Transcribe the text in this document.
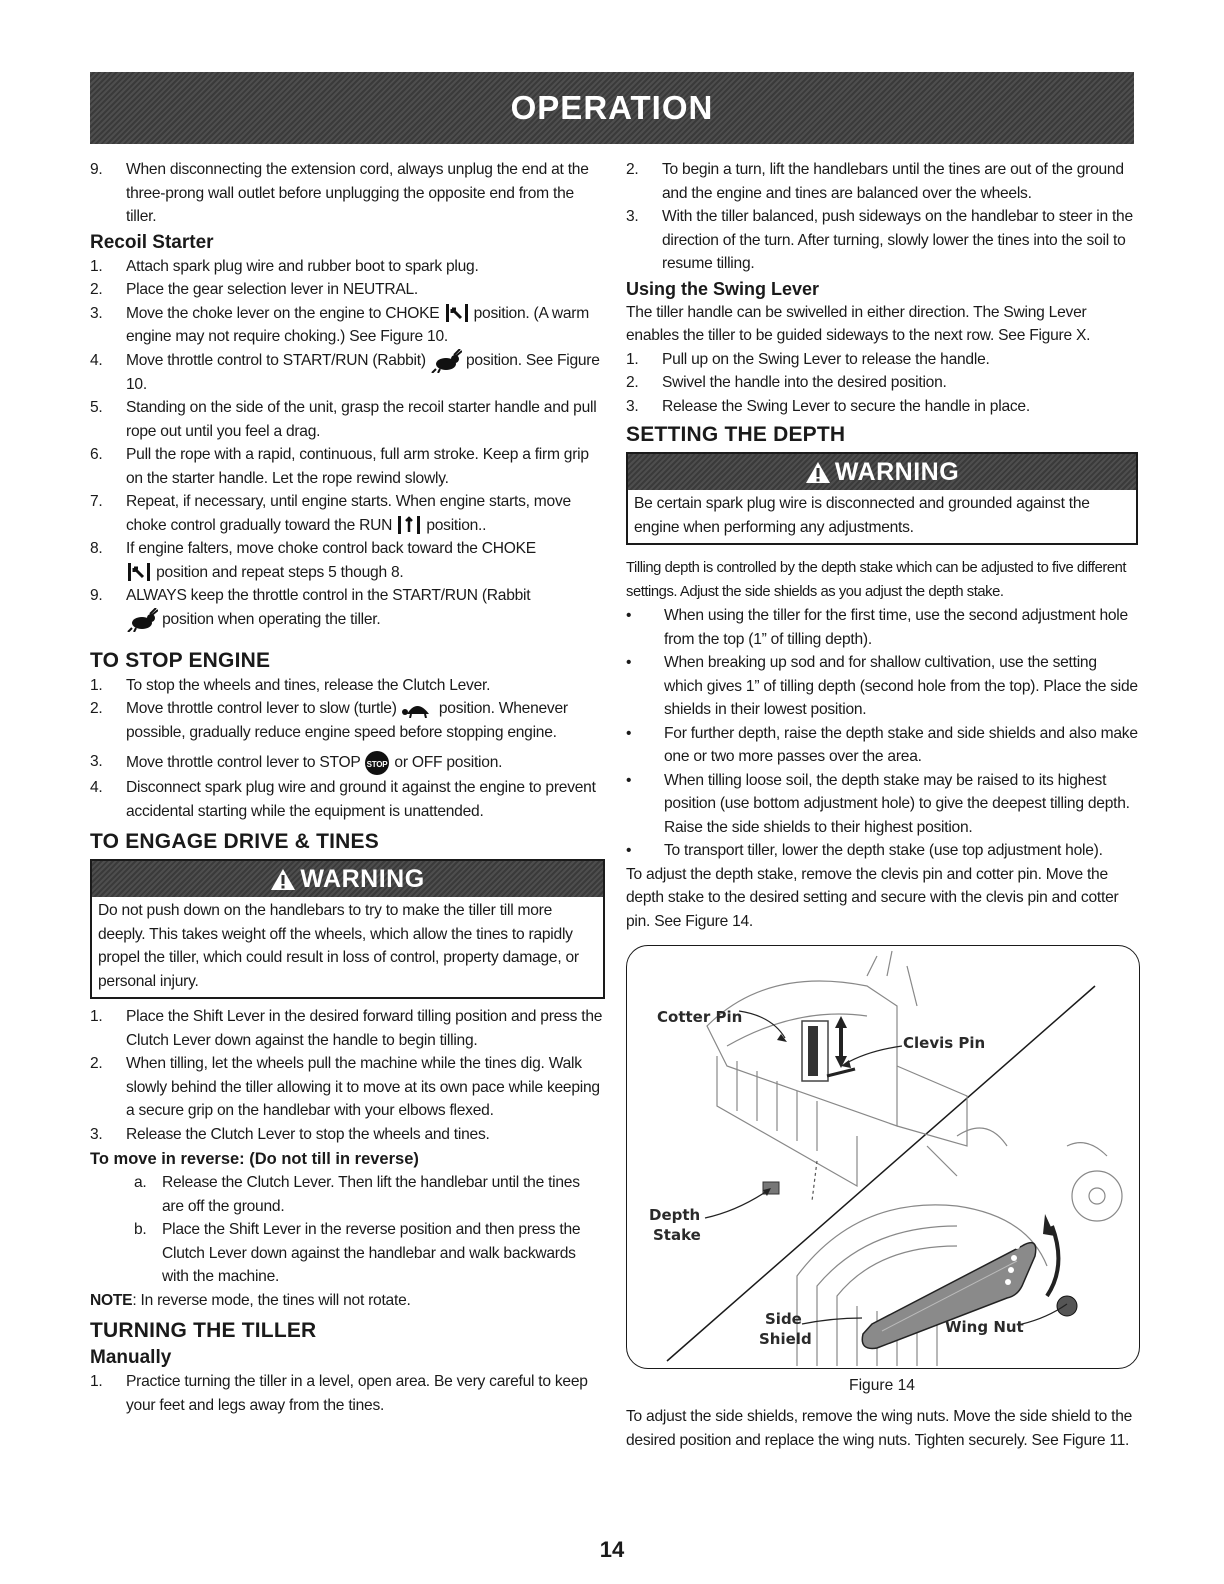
OPERATION
9. When disconnecting the extension cord, always unplug the end at the three-prong wall outlet before unplugging the opposite end from the tiller.
Recoil Starter
1. Attach spark plug wire and rubber boot to spark plug.
2. Place the gear selection lever in NEUTRAL.
3. Move the choke lever on the engine to CHOKE position. (A warm engine may not require choking.) See Figure 10.
4. Move throttle control to START/RUN (Rabbit)	position. See Figure 10.
5. Standing on the side of the unit, grasp the recoil starter handle and pull rope out until you feel a drag.
6. Pull the rope with a rapid, continuous, full arm stroke. Keep a firm grip on the starter handle. Let the rope rewind slowly.
7. Repeat, if necessary, until engine starts. When engine starts, move choke control gradually toward the RUN position..
8. If engine falters, move choke control back toward the CHOKE
position and repeat steps 5 though 8.
9. ALWAYS keep the throttle control in the START/RUN (Rabbit
position when operating the tiller.
TO STOP ENGINE
1. To stop the wheels and tines, release the Clutch Lever.
2. Move throttle control lever to slow (turtle)	position. Whenever possible, gradually reduce engine speed before stopping engine.
3. Move throttle control lever to STOP STOP or OFF position.
4. Disconnect spark plug wire and ground it against the engine to prevent accidental starting while the equipment is unattended.
TO ENGAGE DRIVE & TINES
WARNING
Do not push down on the handlebars to try to make the tiller till more deeply. This takes weight off the wheels, which allow the tines to rapidly propel the tiller, which could result in loss of control, property damage, or personal injury.
1. Place the Shift Lever in the desired forward tilling position and press the Clutch Lever down against the handle to begin tilling.
2. When tilling, let the wheels pull the machine while the tines dig. Walk slowly behind the tiller allowing it to move at its own pace while keeping a secure grip on the handlebar with your elbows flexed.
3. Release the Clutch Lever to stop the wheels and tines.
To move in reverse: (Do not till in reverse)
a. Release the Clutch Lever. Then lift the handlebar until the tines are off the ground.
b. Place the Shift Lever in the reverse position and then press the Clutch Lever down against the handlebar and walk backwards with the machine.

NOTE: In reverse mode, the tines will not rotate.

TURNING THE TILLER
Manually
1. Practice turning the tiller in a level, open area. Be very careful to keep your feet and legs away from the tines.
2. To begin a turn, lift the handlebars until the tines are out of the ground and the engine and tines are balanced over the wheels.
3. With the tiller balanced, push sideways on the handlebar to steer in the direction of the turn. After turning, slowly lower the tines into the soil to resume tilling.
Using the Swing Lever

The tiller handle can be swivelled in either direction. The Swing Lever enables the tiller to be guided sideways to the next row. See Figure X.

1. Pull up on the Swing Lever to release the handle.
2. Swivel the handle into the desired position.
3. Release the Swing Lever to secure the handle in place.
SETTING THE DEPTH
WARNING
Be certain spark plug wire is disconnected and grounded against the engine when performing any adjustments.

Tilling depth is controlled by the depth stake which can be adjusted to five different settings. Adjust the side shields as you adjust the depth stake.

• When using the tiller for the first time, use the second adjustment hole from the top (1” of tilling depth).
• When breaking up sod and for shallow cultivation, use the setting which gives 1” of tilling depth (second hole from the top). Place the side shields in their lowest position.
• For further depth, raise the depth stake and side shields and also make one or two more passes over the area.
• When tilling loose soil, the depth stake may be raised to its highest position (use bottom adjustment hole) to give the deepest tilling depth. Raise the side shields to their highest position.
• To transport tiller, lower the depth stake (use top adjustment hole).

To adjust the depth stake, remove the clevis pin and cotter pin. Move the depth stake to the desired setting and secure with the clevis pin and cotter pin. See Figure 14.

Cotter Pin
Clevis Pin
Depth
Stake
Side
Shield
Wing Nut
Figure 14

To adjust the side shields, remove the wing nuts. Move the side shield to the desired position and replace the wing nuts. Tighten securely. See Figure 11.

14
